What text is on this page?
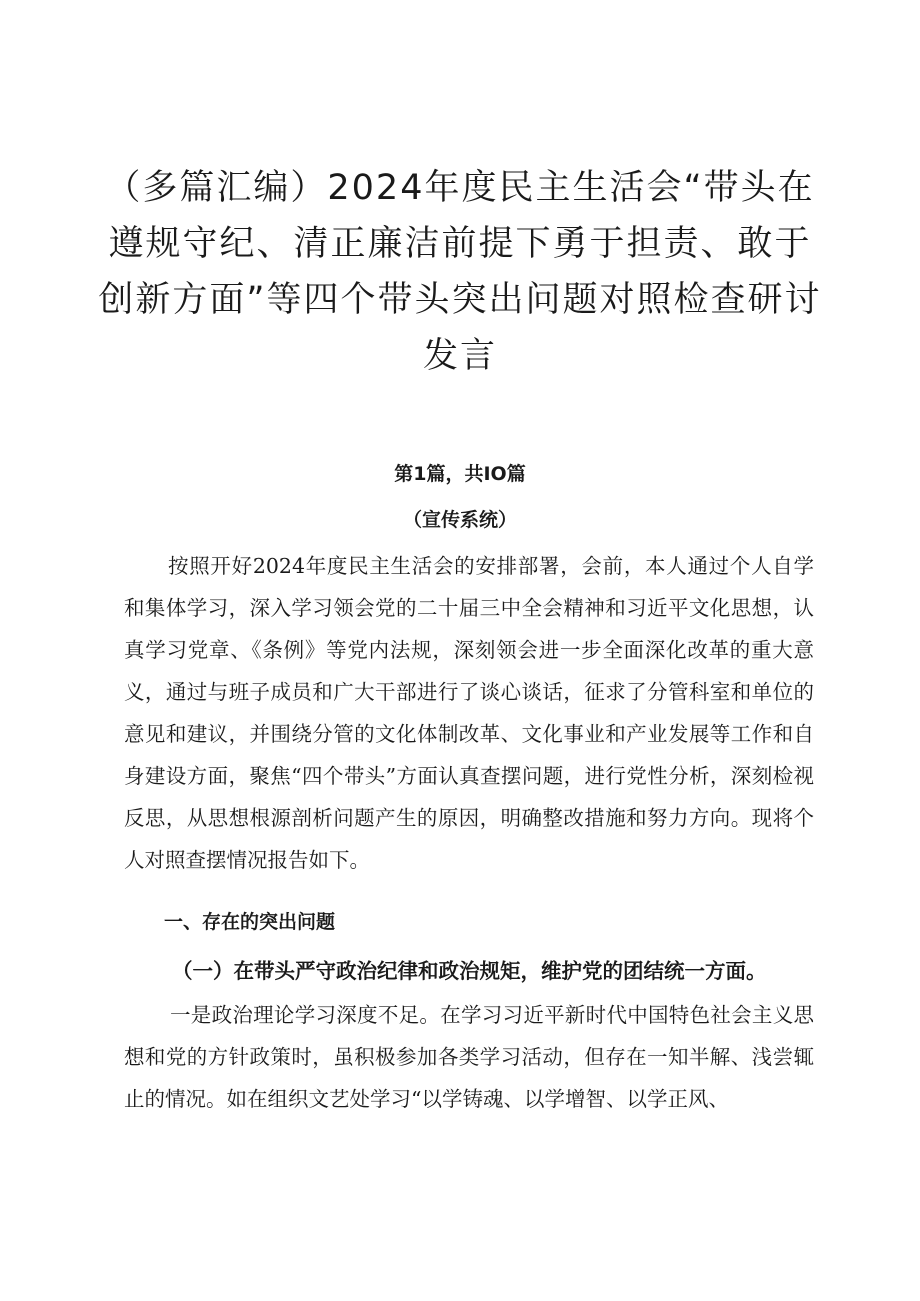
（多篇汇编）2024年度民主生活会“带头在遵规守纪、清正廉洁前提下勇于担责、敢于创新方面”等四个带头突出问题对照检查研讨发言

第1篇，共IO篇

（宣传系统）

按照开好2024年度民主生活会的安排部署，会前，本人通过个人自学和集体学习，深入学习领会党的二十届三中全会精神和习近平文化思想，认真学习党章、《条例》等党内法规，深刻领会进一步全面深化改革的重大意义，通过与班子成员和广大干部进行了谈心谈话，征求了分管科室和单位的意见和建议，并围绕分管的文化体制改革、文化事业和产业发展等工作和自身建设方面，聚焦“四个带头”方面认真查摆问题，进行党性分析，深刻检视反思，从思想根源剖析问题产生的原因，明确整改措施和努力方向。现将个人对照查摆情况报告如下。

一、存在的突出问题
（一）在带头严守政治纪律和政治规矩，维护党的团结统一方面。

一是政治理论学习深度不足。在学习习近平新时代中国特色社会主义思想和党的方针政策时，虽积极参加各类学习活动，但存在一知半解、浅尝辄止的情况。如在组织文艺处学习“以学铸魂、以学增智、以学正风、
